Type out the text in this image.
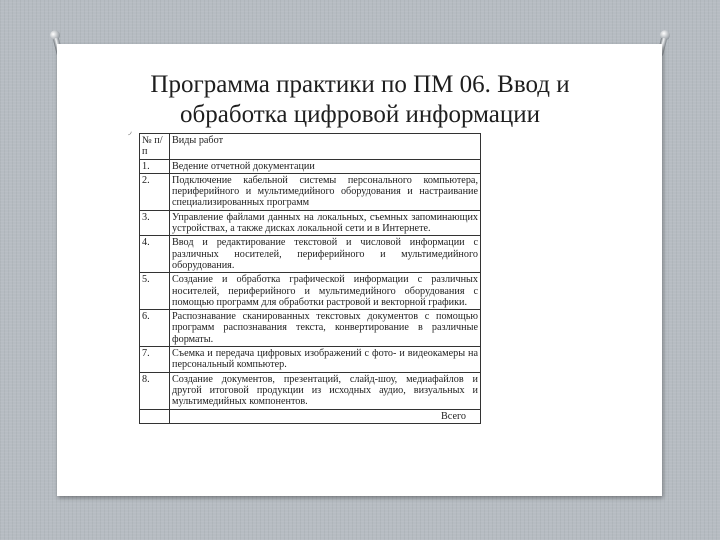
Программа практики по ПМ 06. Ввод и
обработка цифровой информации
◞
№ п/п	Виды работ
1.	Ведение отчетной документации
2.	Подключение кабельной системы персонального компьютера, периферийного и мультимедийного оборудования и настраивание специализированных программ
3.	Управление файлами данных на локальных, съемных запоминающих устройствах, а также дисках локальной сети и в Интернете.
4.	Ввод и редактирование текстовой и числовой информации с различных носителей, периферийного и мультимедийного оборудования.
5.	Создание и обработка графической информации с различных носителей, периферийного и мультимедийного оборудования с помощью программ для обработки растровой и векторной графики.
6.	Распознавание сканированных текстовых документов с помощью программ распознавания текста, конвертирование в различные форматы.
7.	Съемка и передача цифровых изображений с фото- и видеокамеры на персональный компьютер.
8.	Создание документов, презентаций, слайд-шоу, медиафайлов и другой итоговой продукции из исходных аудио, визуальных и мультимедийных компонентов.
	Всего
